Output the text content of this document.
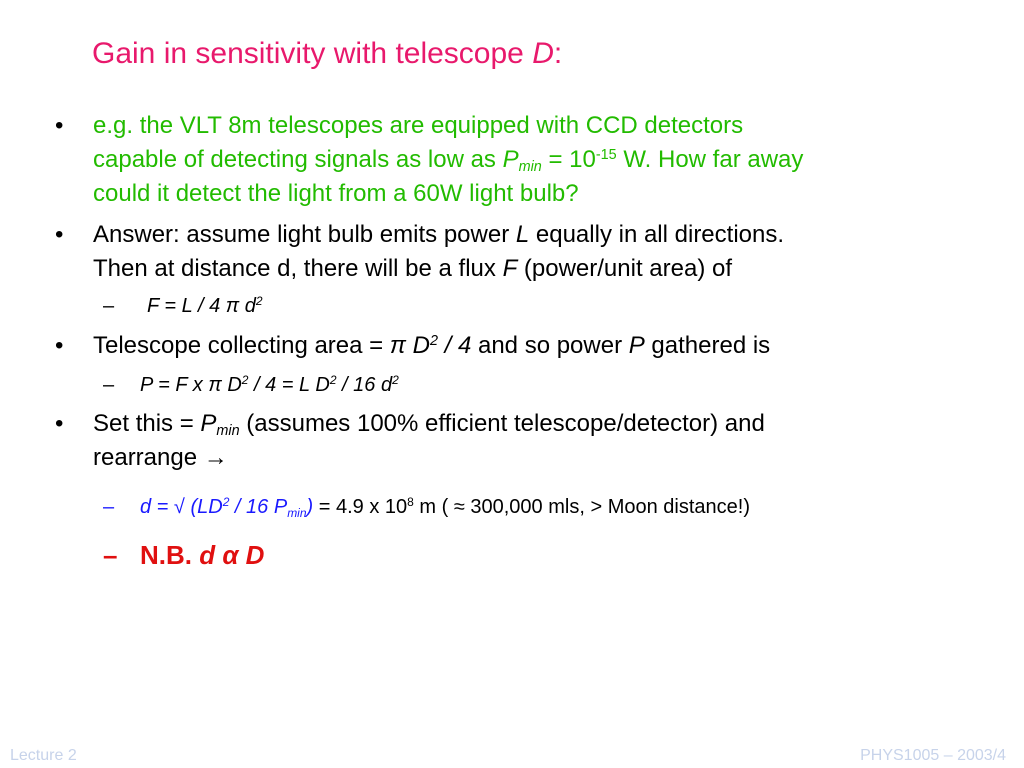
Gain in sensitivity with telescope D:
• e.g. the VLT 8m telescopes are equipped with CCD detectors
capable of detecting signals as low as $P_{min} = 10^{-15}$ W. How far away
could it detect the light from a 60W light bulb?
• Answer: assume light bulb emits power L equally in all directions.
Then at distance d, there will be a flux F (power/unit area) of
– F = L / 4 π $d^2$
• Telescope collecting area = π $D^2 / 4$ and so power P gathered is
– P = F x π $D^2 / 4 = L$ $D^2 / 16$ $d^2$
• Set this = $P_{min}$ (assumes 100% efficient telescope/detector) and
rearrange →
– d = √ ($LD^2 / 16$ $P_{min}) = 4.9$ x $10^8$ m ( ≈ 300,000 mls, > Moon distance!)
– N.B. d α D
Lecture 2	PHYS1005 – 2003/4
